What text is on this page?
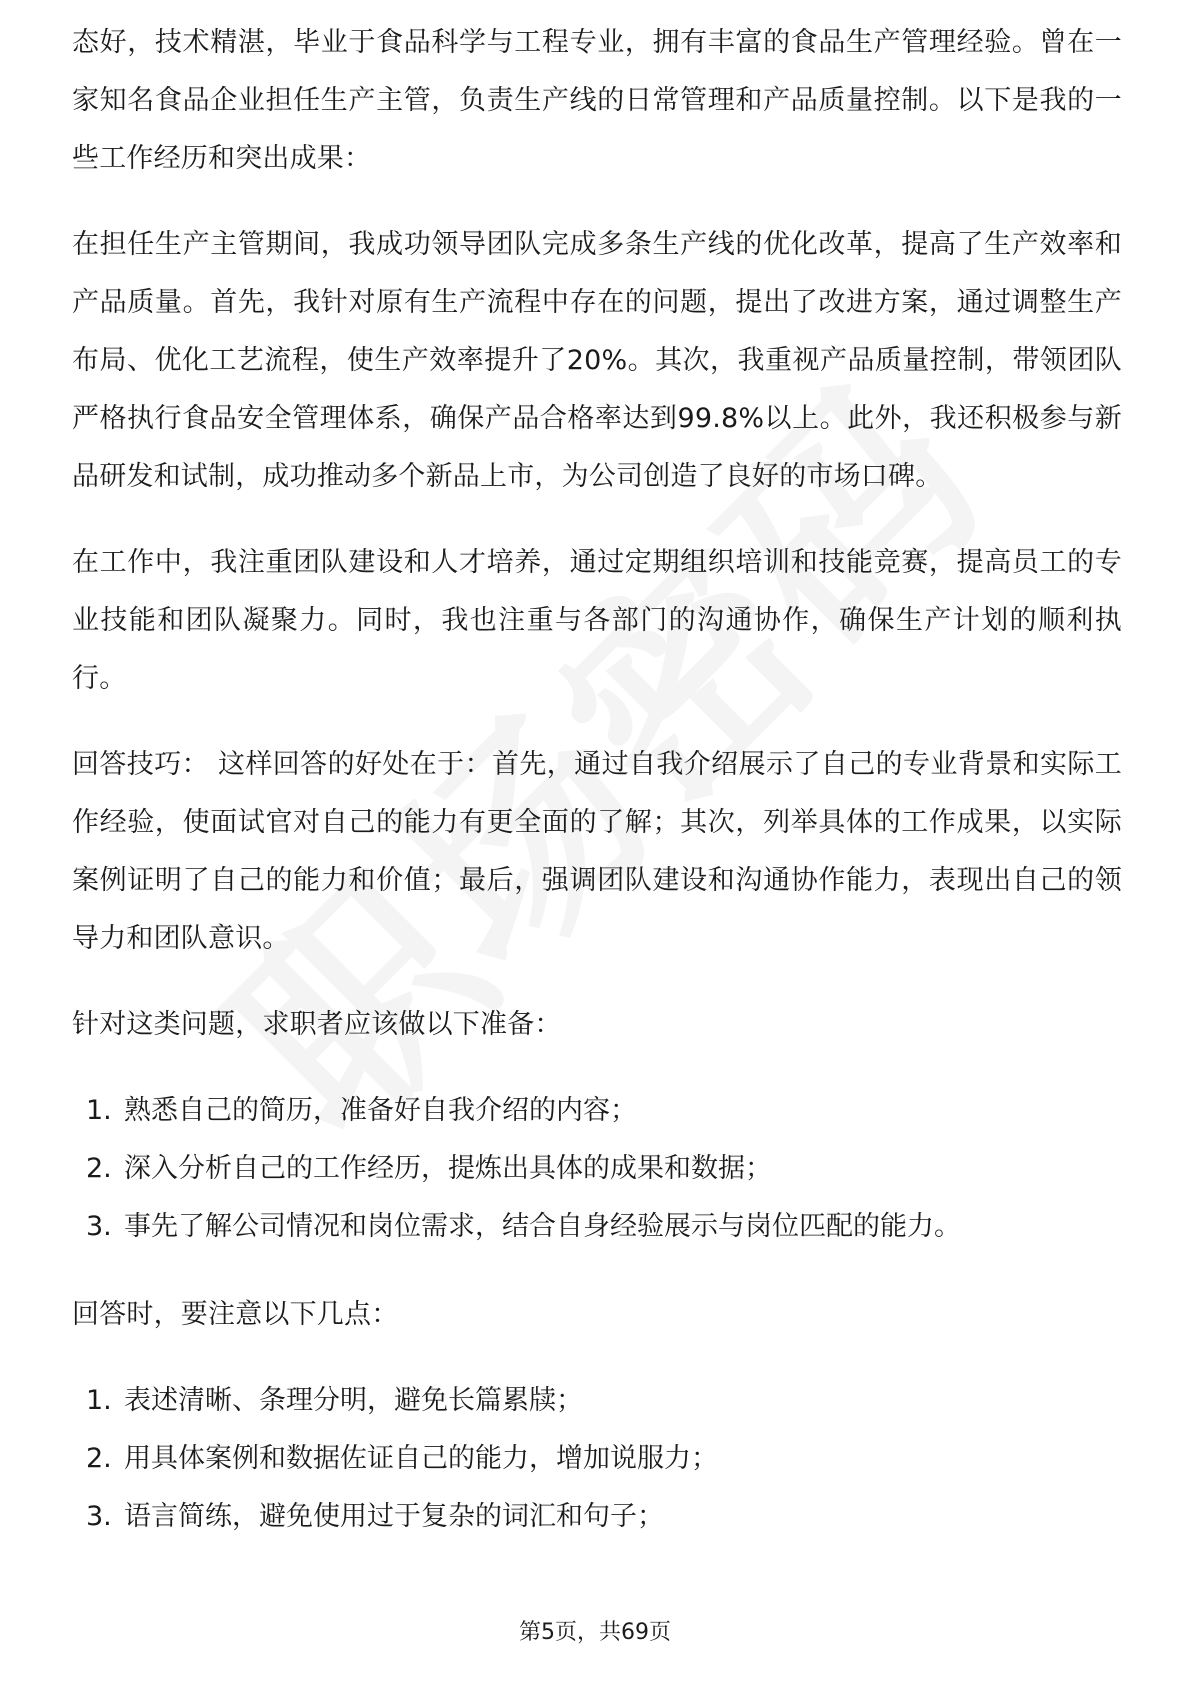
态好，技术精湛，毕业于食品科学与工程专业，拥有丰富的食品生产管理经验。曾在一家知名食品企业担任生产主管，负责生产线的日常管理和产品质量控制。以下是我的一些工作经历和突出成果：

在担任生产主管期间，我成功领导团队完成多条生产线的优化改革，提高了生产效率和产品质量。首先，我针对原有生产流程中存在的问题，提出了改进方案，通过调整生产布局、优化工艺流程，使生产效率提升了20%。其次，我重视产品质量控制，带领团队严格执行食品安全管理体系，确保产品合格率达到99.8%以上。此外，我还积极参与新品研发和试制，成功推动多个新品上市，为公司创造了良好的市场口碑。

在工作中，我注重团队建设和人才培养，通过定期组织培训和技能竞赛，提高员工的专业技能和团队凝聚力。同时，我也注重与各部门的沟通协作，确保生产计划的顺利执行。

回答技巧： 这样回答的好处在于：首先，通过自我介绍展示了自己的专业背景和实际工作经验，使面试官对自己的能力有更全面的了解；其次，列举具体的工作成果，以实际案例证明了自己的能力和价值；最后，强调团队建设和沟通协作能力，表现出自己的领导力和团队意识。

针对这类问题，求职者应该做以下准备：

1. 熟悉自己的简历，准备好自我介绍的内容；
2. 深入分析自己的工作经历，提炼出具体的成果和数据；
3. 事先了解公司情况和岗位需求，结合自身经验展示与岗位匹配的能力。

回答时，要注意以下几点：

1. 表述清晰、条理分明，避免长篇累牍；
2. 用具体案例和数据佐证自己的能力，增加说服力；
3. 语言简练，避免使用过于复杂的词汇和句子；
第5页，共69页
